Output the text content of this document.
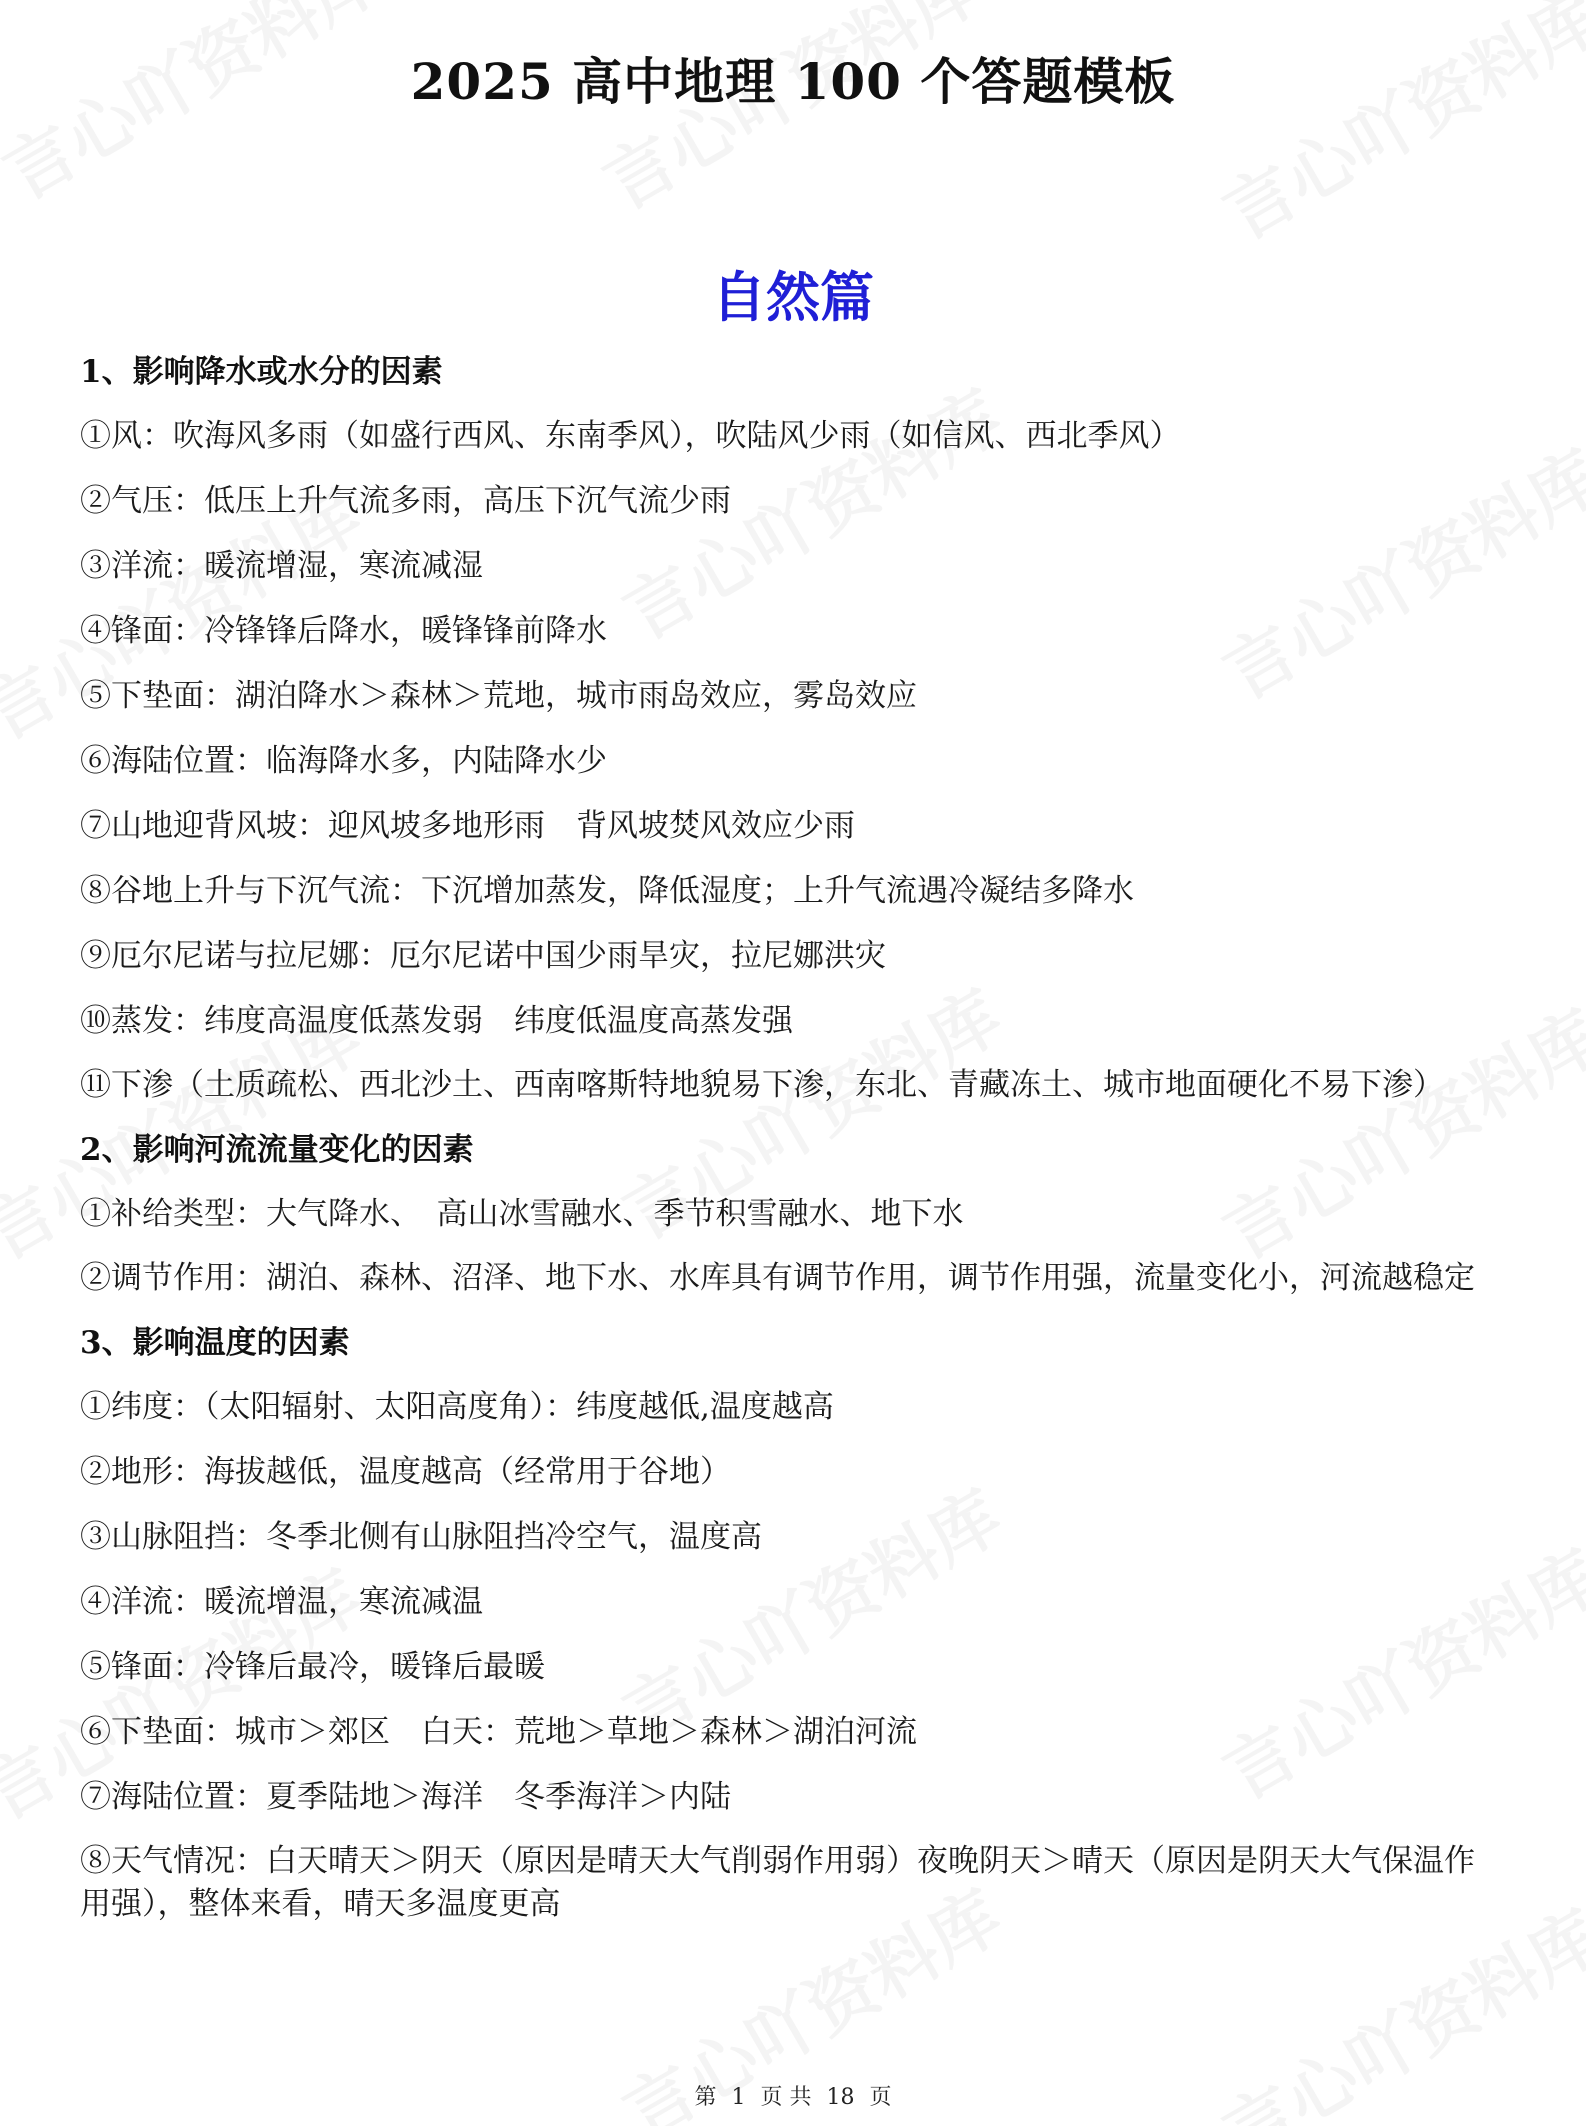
2025 高中地理 100 个答题模板
自然篇
1、影响降水或水分的因素
①风：吹海风多雨（如盛行西风、东南季风），吹陆风少雨（如信风、西北季风）
②气压：低压上升气流多雨，高压下沉气流少雨
③洋流：暖流增湿，寒流减湿
④锋面：冷锋锋后降水，暖锋锋前降水
⑤下垫面：湖泊降水＞森林＞荒地，城市雨岛效应，雾岛效应
⑥海陆位置：临海降水多，内陆降水少
⑦山地迎背风坡：迎风坡多地形雨　背风坡焚风效应少雨
⑧谷地上升与下沉气流：下沉增加蒸发，降低湿度；上升气流遇冷凝结多降水
⑨厄尔尼诺与拉尼娜：厄尔尼诺中国少雨旱灾，拉尼娜洪灾
⑩蒸发：纬度高温度低蒸发弱　纬度低温度高蒸发强
⑪下渗（土质疏松、西北沙土、西南喀斯特地貌易下渗，东北、青藏冻土、城市地面硬化不易下渗）
2、影响河流流量变化的因素
①补给类型：大气降水、　高山冰雪融水、季节积雪融水、地下水
②调节作用：湖泊、森林、沼泽、地下水、水库具有调节作用，调节作用强，流量变化小，河流越稳定
3、影响温度的因素
①纬度：（太阳辐射、太阳高度角）：纬度越低,温度越高
②地形：海拔越低，温度越高（经常用于谷地）
③山脉阻挡：冬季北侧有山脉阻挡冷空气，温度高
④洋流：暖流增温，寒流减温
⑤锋面：冷锋后最冷，暖锋后最暖
⑥下垫面：城市＞郊区　白天：荒地＞草地＞森林＞湖泊河流
⑦海陆位置：夏季陆地＞海洋　冬季海洋＞内陆
⑧天气情况：白天晴天＞阴天（原因是晴天大气削弱作用弱）夜晚阴天＞晴天（原因是阴天大气保温作用强），整体来看，晴天多温度更高
第 1 页 共 18 页
